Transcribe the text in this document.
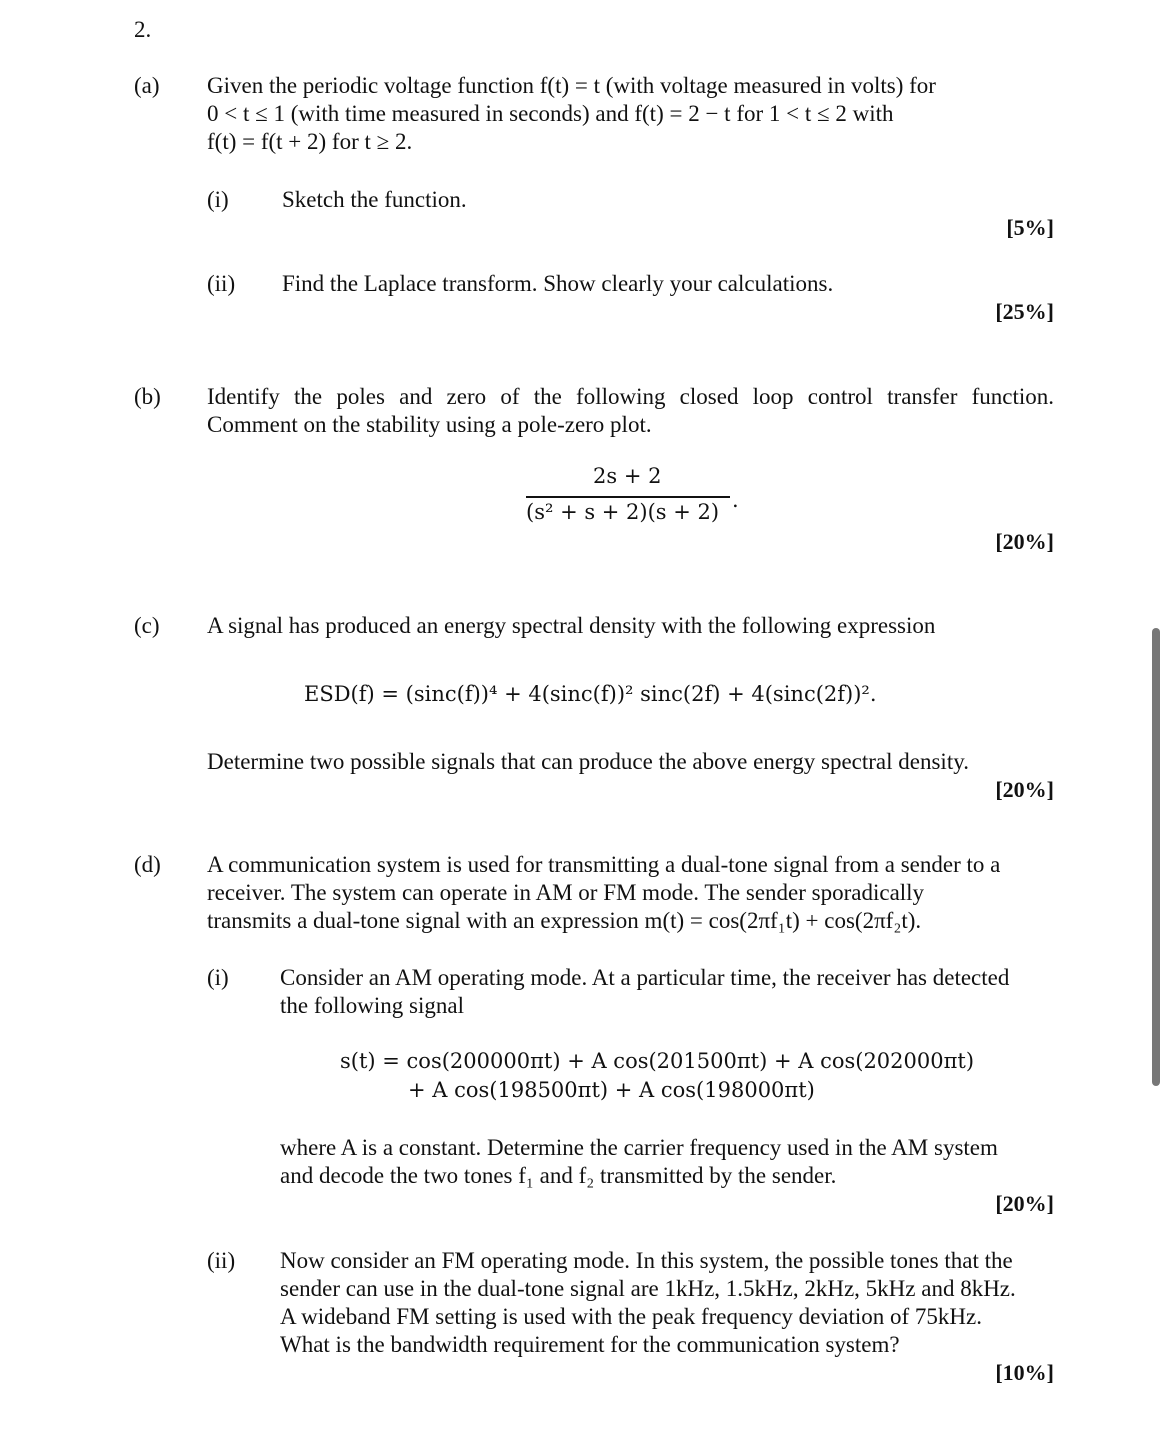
2.
(a) Given the periodic voltage function f(t) = t (with voltage measured in volts) for
0 < t ≤ 1 (with time measured in seconds) and f(t) = 2 − t for 1 < t ≤ 2 with
f(t) = f(t + 2) for t ≥ 2.
(i) Sketch the function.
[5%]
(ii) Find the Laplace transform. Show clearly your calculations.
[25%]
(b) Identify the poles and zero of the following closed loop control transfer function.
Comment on the stability using a pole-zero plot.
2s + 2
(s² + s + 2)(s + 2) .
[20%]
(c) A signal has produced an energy spectral density with the following expression
ESD(f) = (sinc(f))⁴ + 4(sinc(f))² sinc(2f) + 4(sinc(2f))².
Determine two possible signals that can produce the above energy spectral density.
[20%]
(d) A communication system is used for transmitting a dual-tone signal from a sender to a
receiver. The system can operate in AM or FM mode. The sender sporadically
transmits a dual-tone signal with an expression m(t) = cos(2πf₁t) + cos(2πf₂t).
(i) Consider an AM operating mode. At a particular time, the receiver has detected
the following signal
s(t) = cos(200000πt) + A cos(201500πt) + A cos(202000πt)
+ A cos(198500πt) + A cos(198000πt)
where A is a constant. Determine the carrier frequency used in the AM system
and decode the two tones f₁ and f₂ transmitted by the sender.
[20%]
(ii) Now consider an FM operating mode. In this system, the possible tones that the
sender can use in the dual-tone signal are 1kHz, 1.5kHz, 2kHz, 5kHz and 8kHz.
A wideband FM setting is used with the peak frequency deviation of 75kHz.
What is the bandwidth requirement for the communication system?
[10%]
